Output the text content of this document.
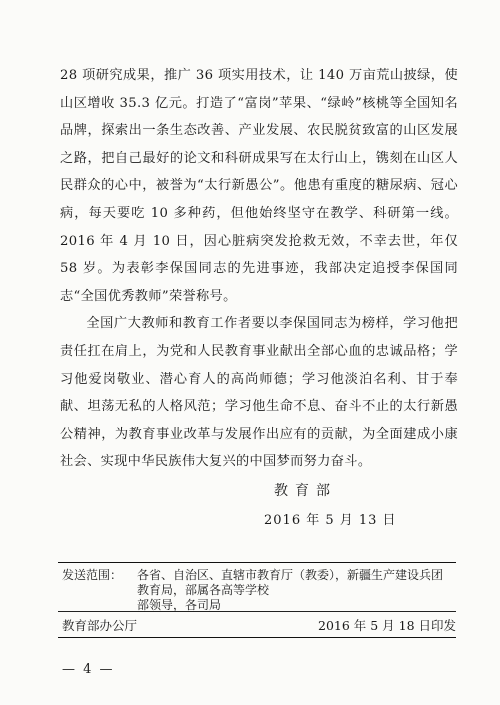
28 项研究成果，推广 36 项实用技术，让 140 万亩荒山披绿，使山区增收 35.3 亿元。打造了“富岗”苹果、“绿岭”核桃等全国知名品牌，探索出一条生态改善、产业发展、农民脱贫致富的山区发展之路，把自己最好的论文和科研成果写在太行山上，镌刻在山区人民群众的心中，被誉为“太行新愚公”。他患有重度的糖尿病、冠心病，每天要吃 10 多种药，但他始终坚守在教学、科研第一线。2016 年 4 月 10 日，因心脏病突发抢救无效，不幸去世，年仅 58 岁。为表彰李保国同志的先进事迹，我部决定追授李保国同志“全国优秀教师”荣誉称号。

全国广大教师和教育工作者要以李保国同志为榜样，学习他把责任扛在肩上，为党和人民教育事业献出全部心血的忠诚品格；学习他爱岗敬业、潜心育人的高尚师德；学习他淡泊名利、甘于奉献、坦荡无私的人格风范；学习他生命不息、奋斗不止的太行新愚公精神，为教育事业改革与发展作出应有的贡献，为全面建成小康社会、实现中华民族伟大复兴的中国梦而努力奋斗。

教育部
2016 年 5 月 13 日
发送范围：	各省、自治区、直辖市教育厅（教委），新疆生产建设兵团
教育局，部属各高等学校
部领导，各司局
教育部办公厅	2016 年 5 月 18 日印发
— 4 —
